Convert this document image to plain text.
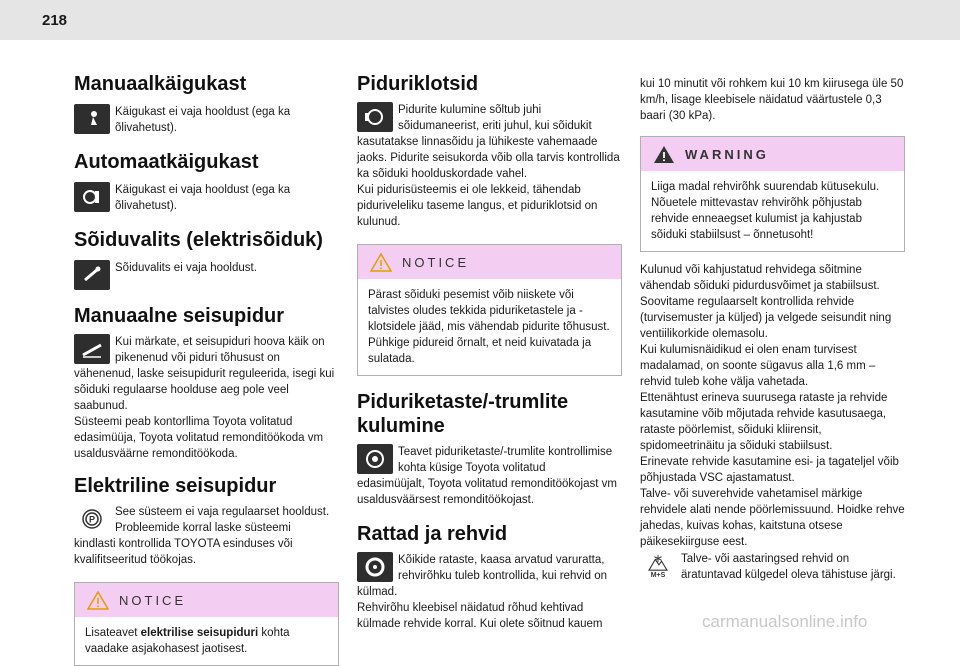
218
Manuaalkäigukast
Käigukast ei vaja hooldust (ega ka õlivahetust).
Automaatkäigukast
Käigukast ei vaja hooldust (ega ka õlivahetust).
Sõiduvalits (elektrisõiduk)
Sõiduvalits ei vaja hooldust.
Manuaalne seisupidur
Kui märkate, et seisupiduri hoova käik on pikenenud või piduri tõhusust on
vähenenud, laske seisupidurit reguleerida, isegi kui sõiduki regulaarse hoolduse aeg pole veel saabunud.
Süsteemi peab kontorllima Toyota volitatud edasimüüja, Toyota volitatud remonditöökoda vm usaldusväärne remonditöökoda.
Elektriline seisupidur
P
See süsteem ei vaja regulaarset hooldust. Probleemide korral laske süsteemi
kindlasti kontrollida TOYOTA esinduses või kvalifitseeritud töökojas.
NOTICE
Lisateavet elektrilise seisupiduri kohta vaadake asjakohasest jaotisest.
Piduriklotsid
Pidurite kulumine sõltub juhi sõidumaneerist, eriti juhul, kui sõidukit
kasutatakse linnasõidu ja lühikeste vahemaade jaoks. Pidurite seisukorda võib olla tarvis kontrollida ka sõiduki hoolduskordade vahel.
Kui pidurisüsteemis ei ole lekkeid, tähendab piduriveleliku taseme langus, et piduriklotsid on kulunud.
NOTICE
Pärast sõiduki pesemist võib niiskete või talvistes oludes tekkida piduriketastele ja -klotsidele jääd, mis vähendab pidurite tõhusust. Pühkige pidureid õrnalt, et neid kuivatada ja sulatada.
Piduriketaste/-trumlite kulumine
Teavet piduriketaste/-trumlite kontrollimise kohta küsige Toyota volitatud
edasimüüjalt, Toyota volitatud remonditöökojast vm usaldusväärsest remonditöökojast.
Rattad ja rehvid
Kõikide rataste, kaasa arvatud varuratta, rehvirõhku tuleb kontrollida, kui rehvid on
külmad.
Rehvirõhu kleebisel näidatud rõhud kehtivad külmade rehvide korral. Kui olete sõitnud kauem
kui 10 minutit või rohkem kui 10 km kiirusega üle 50 km/h, lisage kleebisele näidatud väärtustele 0,3 baari (30 kPa).
WARNING
Liiga madal rehvirõhk suurendab kütusekulu. Nõuetele mittevastav rehvirõhk põhjustab rehvide enneaegset kulumist ja kahjustab sõiduki stabiilsust – õnnetusoht!
Kulunud või kahjustatud rehvidega sõitmine vähendab sõiduki pidurdusvõimet ja stabiilsust. Soovitame regulaarselt kontrollida rehvide (turvisemuster ja küljed) ja velgede seisundit ning ventiilikorkide olemasolu.
Kui kulumisnäidikud ei olen enam turvisest madalamad, on soonte sügavus alla 1,6 mm – rehvid tuleb kohe välja vahetada.
Ettenähtust erineva suurusega rataste ja rehvide kasutamine võib mõjutada rehvide kasutusaega, rataste pöörlemist, sõiduki kliirensit, spidomeetrinäitu ja sõiduki stabiilsust.
Erinevate rehvide kasutamine esi- ja tagateljel võib põhjustada VSC ajastamatust.
Talve- või suverehvide vahetamisel märkige rehvidele alati nende pöörlemissuund. Hoidke rehve jahedas, kuivas kohas, kaitstuna otsese päikesekiirguse eest.
M+S
Talve- või aastaringsed rehvid on äratuntavad külgedel oleva tähistuse järgi.
carmanualsonline.info
